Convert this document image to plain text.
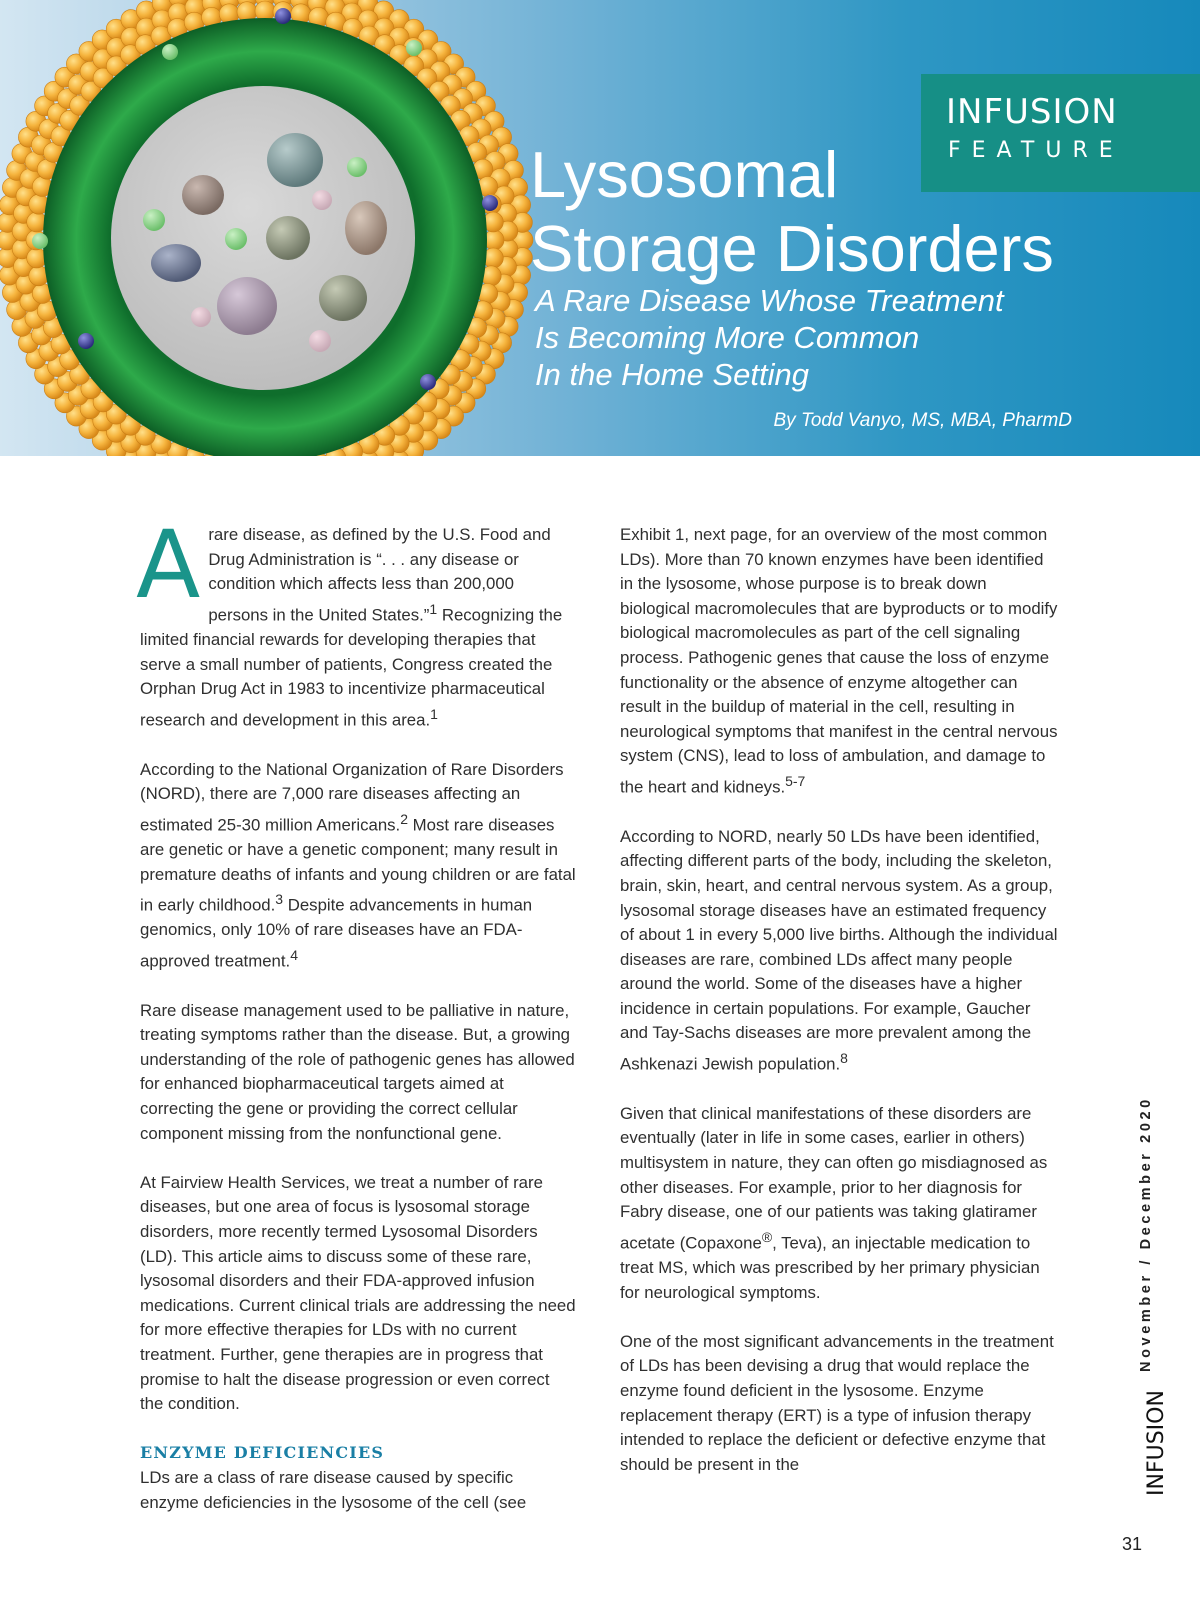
INFUSION
FEATURE
Lysosomal
Storage Disorders
A Rare Disease Whose Treatment
Is Becoming More Common
In the Home Setting
By Todd Vanyo, MS, MBA, PharmD

Arare disease, as defined by the U.S. Food and Drug Administration is “. . . any disease or condition which affects less than 200,000 persons in the United States.”$^1$ Recognizing the limited financial rewards for developing therapies that serve a small number of patients, Congress created the Orphan Drug Act in 1983 to incentivize pharmaceutical research and development in this area.$^1$

According to the National Organization of Rare Disorders (NORD), there are 7,000 rare diseases affecting an estimated 25-30 million Americans.$^2$ Most rare diseases are genetic or have a genetic component; many result in premature deaths of infants and young children or are fatal in early childhood.$^3$ Despite advancements in human genomics, only 10% of rare diseases have an FDA-approved treatment.$^4$

Rare disease management used to be palliative in nature, treating symptoms rather than the disease. But, a growing understanding of the role of pathogenic genes has allowed for enhanced biopharmaceutical targets aimed at correcting the gene or providing the correct cellular component missing from the nonfunctional gene.

At Fairview Health Services, we treat a number of rare diseases, but one area of focus is lysosomal storage disorders, more recently termed Lysosomal Disorders (LD). This article aims to discuss some of these rare, lysosomal disorders and their FDA-approved infusion medications. Current clinical trials are addressing the need for more effective therapies for LDs with no current treatment. Further, gene therapies are in progress that promise to halt the disease progression or even correct the condition.

ENZYME DEFICIENCIES

LDs are a class of rare disease caused by specific enzyme deficiencies in the lysosome of the cell (see

Exhibit 1, next page, for an overview of the most common LDs). More than 70 known enzymes have been identified in the lysosome, whose purpose is to break down biological macromolecules that are byproducts or to modify biological macromolecules as part of the cell signaling process. Pathogenic genes that cause the loss of enzyme functionality or the absence of enzyme altogether can result in the buildup of material in the cell, resulting in neurological symptoms that manifest in the central nervous system (CNS), lead to loss of ambulation, and damage to the heart and kidneys.$^{5-7}$

According to NORD, nearly 50 LDs have been identified, affecting different parts of the body, including the skeleton, brain, skin, heart, and central nervous system. As a group, lysosomal storage diseases have an estimated frequency of about 1 in every 5,000 live births. Although the individual diseases are rare, combined LDs affect many people around the world. Some of the diseases have a higher incidence in certain populations. For example, Gaucher and Tay-Sachs diseases are more prevalent among the Ashkenazi Jewish population.$^8$

Given that clinical manifestations of these disorders are eventually (later in life in some cases, earlier in others) multisystem in nature, they can often go misdiagnosed as other diseases. For example, prior to her diagnosis for Fabry disease, one of our patients was taking glatiramer acetate (Copaxone®, Teva), an injectable medication to treat MS, which was prescribed by her primary physician for neurological symptoms.

One of the most significant advancements in the treatment of LDs has been devising a drug that would replace the enzyme found deficient in the lysosome. Enzyme replacement therapy (ERT) is a type of infusion therapy intended to replace the deficient or defective enzyme that should be present in the

November / December 2020
INFUSION
31
